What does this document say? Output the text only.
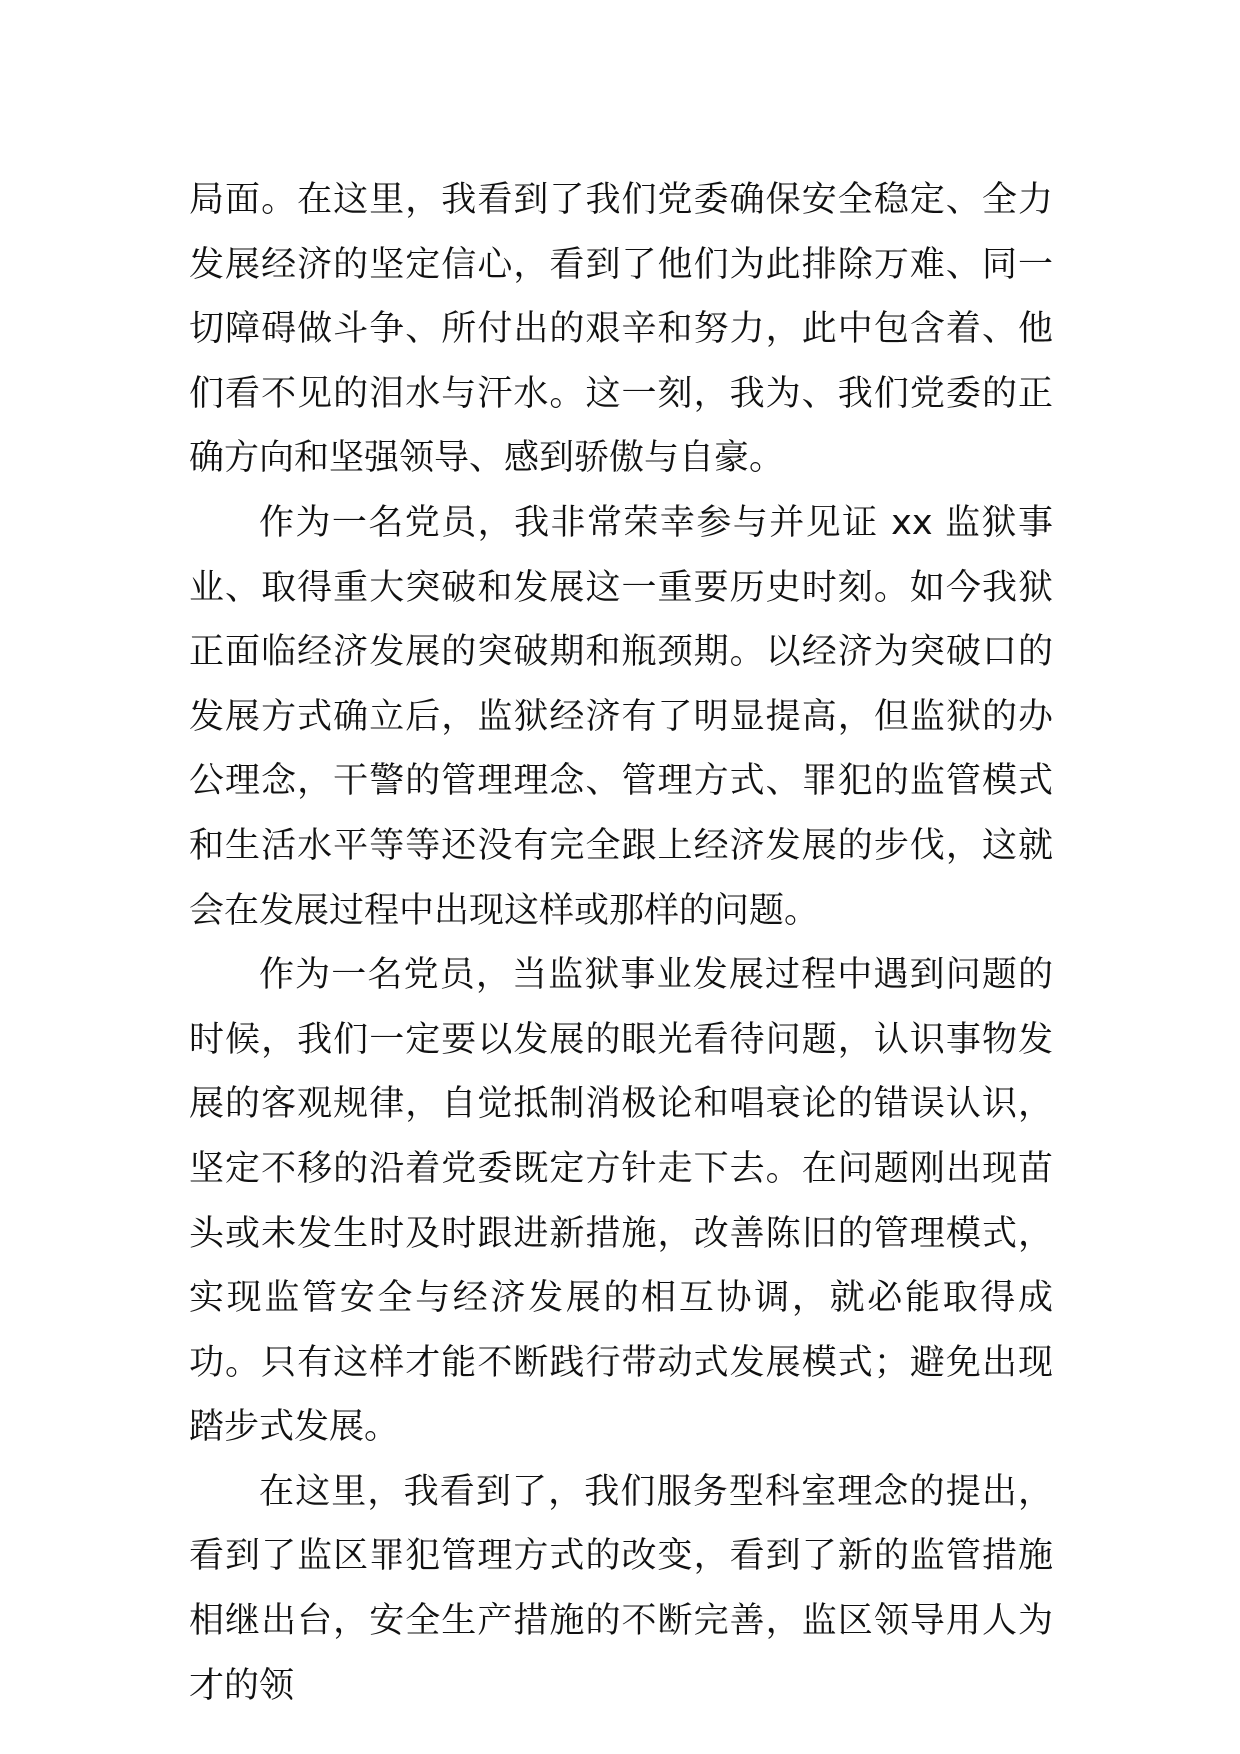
局面。在这里，我看到了我们党委确保安全稳定、全力发展经济的坚定信心，看到了他们为此排除万难、同一切障碍做斗争、所付出的艰辛和努力，此中包含着、他们看不见的泪水与汗水。这一刻，我为、我们党委的正确方向和坚强领导、感到骄傲与自豪。

作为一名党员，我非常荣幸参与并见证 xx 监狱事业、取得重大突破和发展这一重要历史时刻。如今我狱正面临经济发展的突破期和瓶颈期。以经济为突破口的发展方式确立后，监狱经济有了明显提高，但监狱的办公理念，干警的管理理念、管理方式、罪犯的监管模式和生活水平等等还没有完全跟上经济发展的步伐，这就会在发展过程中出现这样或那样的问题。

作为一名党员，当监狱事业发展过程中遇到问题的时候，我们一定要以发展的眼光看待问题，认识事物发展的客观规律，自觉抵制消极论和唱衰论的错误认识，坚定不移的沿着党委既定方针走下去。在问题刚出现苗头或未发生时及时跟进新措施，改善陈旧的管理模式，实现监管安全与经济发展的相互协调，就必能取得成功。只有这样才能不断践行带动式发展模式；避免出现踏步式发展。

在这里，我看到了，我们服务型科室理念的提出，看到了监区罪犯管理方式的改变，看到了新的监管措施相继出台，安全生产措施的不断完善，监区领导用人为才的领
